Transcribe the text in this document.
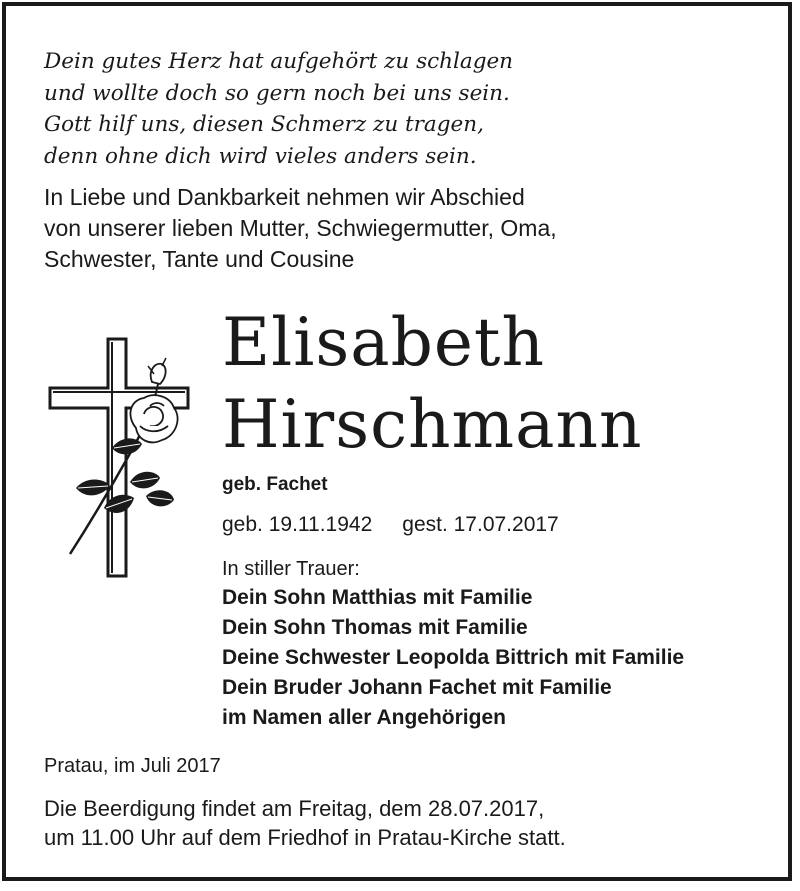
Dein gutes Herz hat aufgehört zu schlagen
und wollte doch so gern noch bei uns sein.
Gott hilf uns, diesen Schmerz zu tragen,
denn ohne dich wird vieles anders sein.
In Liebe und Dankbarkeit nehmen wir Abschied
von unserer lieben Mutter, Schwiegermutter, Oma,
Schwester, Tante und Cousine
Elisabeth
Hirschmann
geb. Fachet
geb. 19.11.1942 gest. 17.07.2017
In stiller Trauer:
Dein Sohn Matthias mit Familie
Dein Sohn Thomas mit Familie
Deine Schwester Leopolda Bittrich mit Familie
Dein Bruder Johann Fachet mit Familie
im Namen aller Angehörigen
Pratau, im Juli 2017
Die Beerdigung findet am Freitag, dem 28.07.2017,
um 11.00 Uhr auf dem Friedhof in Pratau-Kirche statt.
